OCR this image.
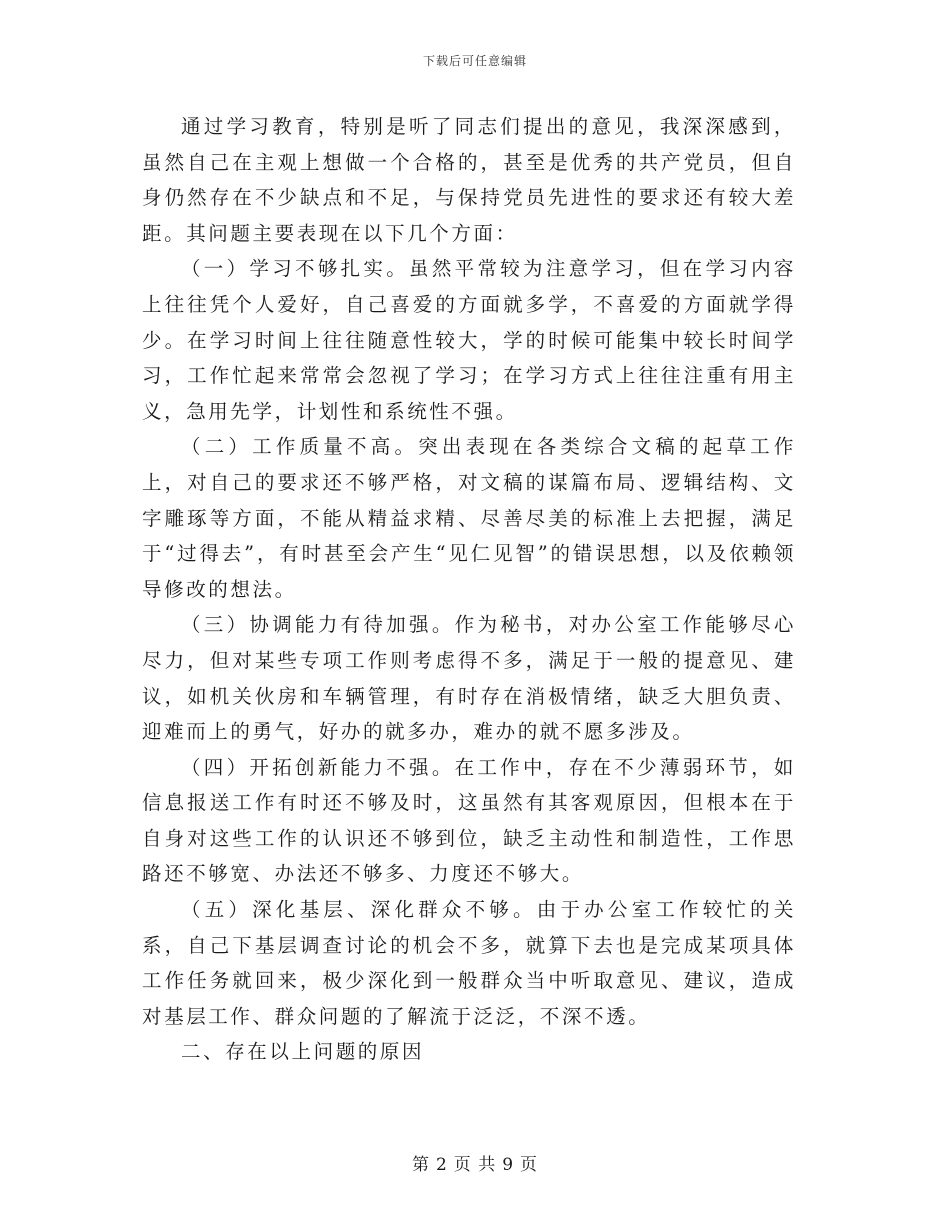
下载后可任意编辑

通过学习教育，特别是听了同志们提出的意见，我深深感到，虽然自己在主观上想做一个合格的，甚至是优秀的共产党员，但自身仍然存在不少缺点和不足，与保持党员先进性的要求还有较大差距。其问题主要表现在以下几个方面：

（一）学习不够扎实。虽然平常较为注意学习，但在学习内容上往往凭个人爱好，自己喜爱的方面就多学，不喜爱的方面就学得少。在学习时间上往往随意性较大，学的时候可能集中较长时间学习，工作忙起来常常会忽视了学习；在学习方式上往往注重有用主义，急用先学，计划性和系统性不强。

（二）工作质量不高。突出表现在各类综合文稿的起草工作上，对自己的要求还不够严格，对文稿的谋篇布局、逻辑结构、文字雕琢等方面，不能从精益求精、尽善尽美的标准上去把握，满足于“过得去”，有时甚至会产生“见仁见智”的错误思想，以及依赖领导修改的想法。

（三）协调能力有待加强。作为秘书，对办公室工作能够尽心尽力，但对某些专项工作则考虑得不多，满足于一般的提意见、建议，如机关伙房和车辆管理，有时存在消极情绪，缺乏大胆负责、迎难而上的勇气，好办的就多办，难办的就不愿多涉及。

（四）开拓创新能力不强。在工作中，存在不少薄弱环节，如信息报送工作有时还不够及时，这虽然有其客观原因，但根本在于自身对这些工作的认识还不够到位，缺乏主动性和制造性，工作思路还不够宽、办法还不够多、力度还不够大。

（五）深化基层、深化群众不够。由于办公室工作较忙的关系，自己下基层调查讨论的机会不多，就算下去也是完成某项具体工作任务就回来，极少深化到一般群众当中听取意见、建议，造成对基层工作、群众问题的了解流于泛泛，不深不透。

二、存在以上问题的原因

第 2 页 共 9 页
